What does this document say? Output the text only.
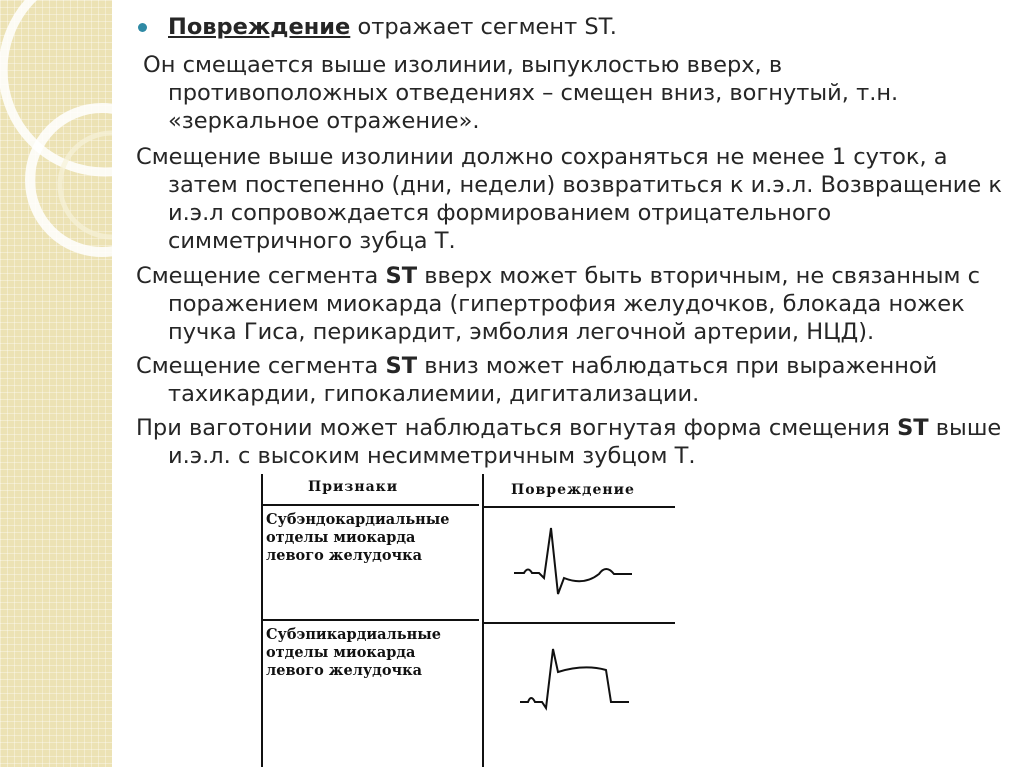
Повреждение отражает сегмент ST.

Он смещается выше изолинии, выпуклостью вверх, в

противоположных отведениях – смещен вниз, вогнутый, т.н.

«зеркальное отражение».

Смещение выше изолинии должно сохраняться не менее 1 суток, а

затем постепенно (дни, недели) возвратиться к и.э.л. Возвращение к

и.э.л сопровождается формированием отрицательного

симметричного зубца Т.

Смещение сегмента ST вверх может быть вторичным, не связанным с

поражением миокарда (гипертрофия желудочков, блокада ножек

пучка Гиса, перикардит, эмболия легочной артерии, НЦД).

Смещение сегмента ST вниз может наблюдаться при выраженной

тахикардии, гипокалиемии, дигитализации.

При ваготонии может наблюдаться вогнутая форма смещения ST выше

и.э.л. с высоким несимметричным зубцом Т.

Признаки	Повреждение

Субэндокардиальные

отделы миокарда

левого желудочка

Субэпикардиальные

отделы миокарда

левого желудочка
